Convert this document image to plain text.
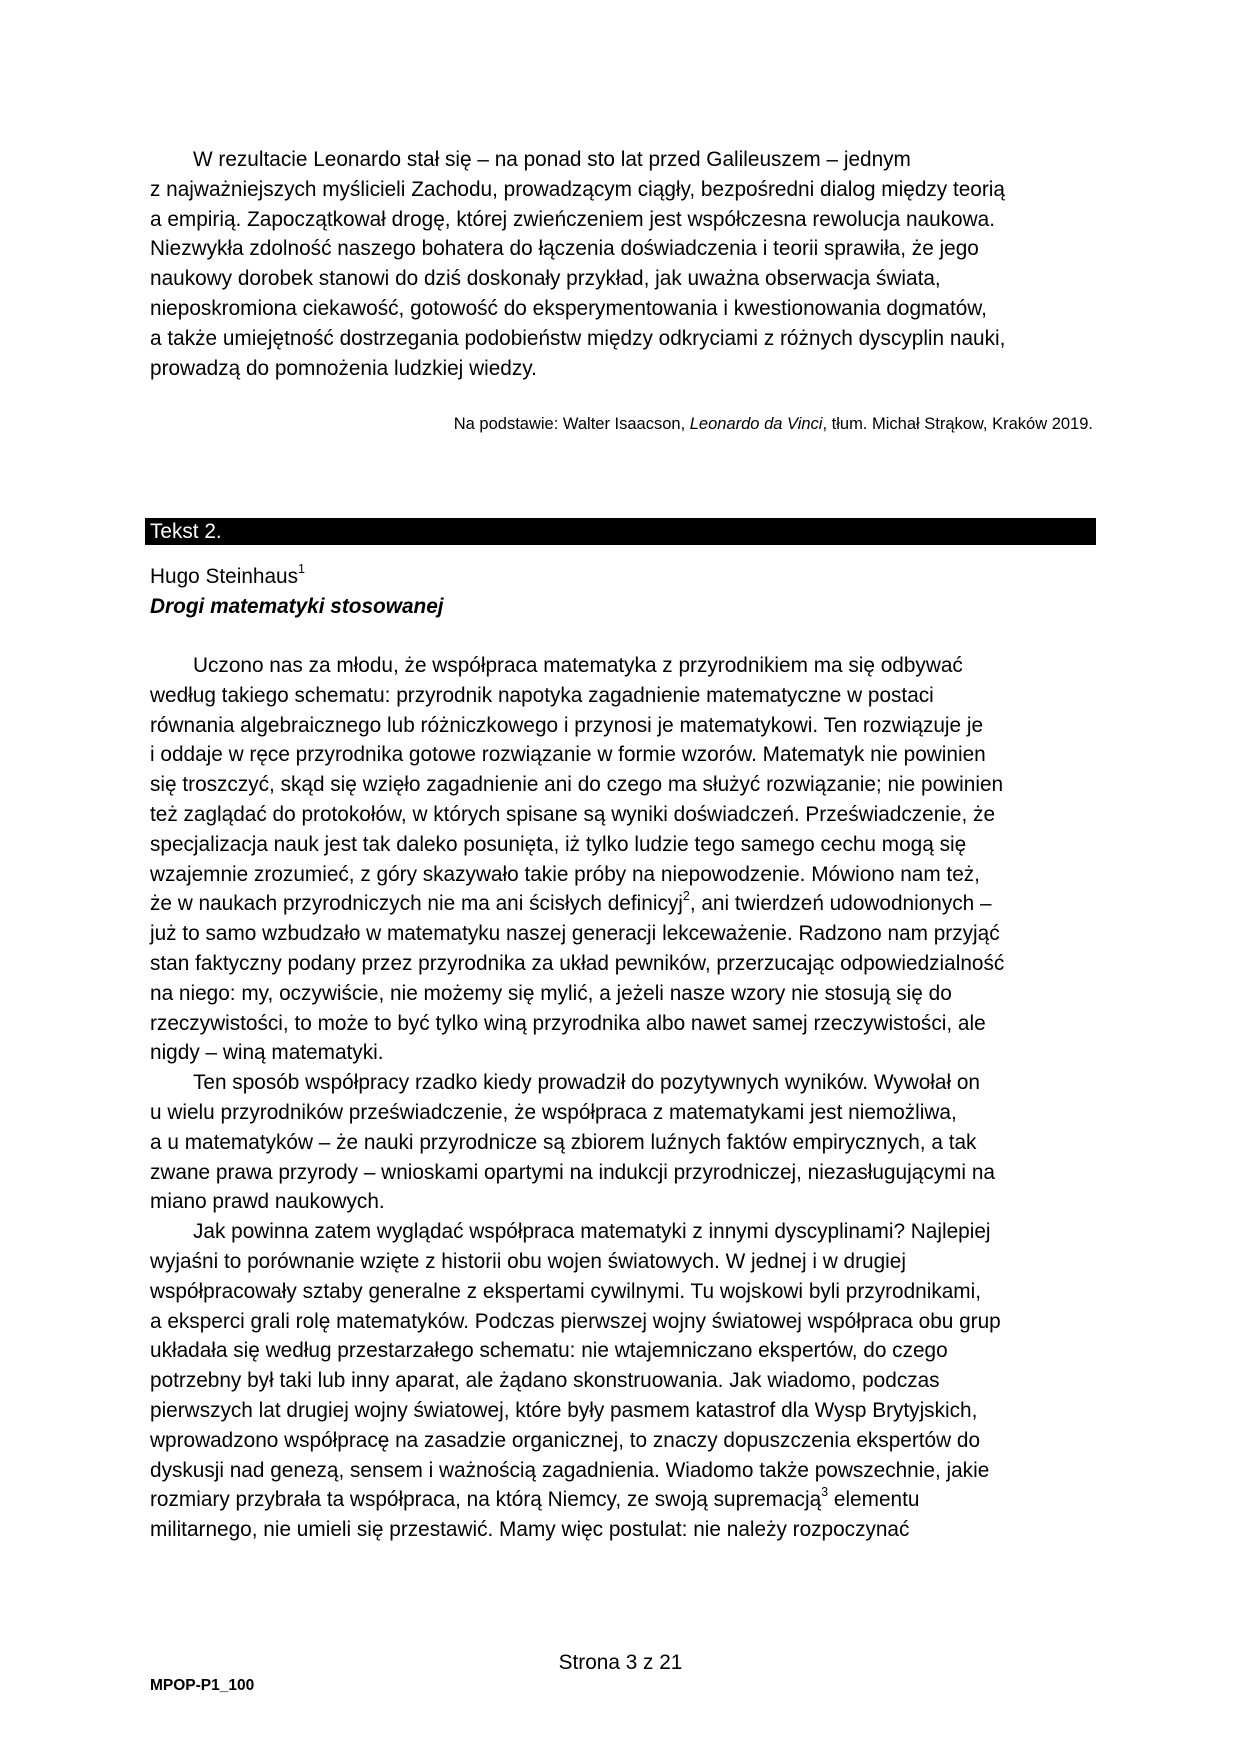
W rezultacie Leonardo stał się – na ponad sto lat przed Galileuszem – jednym
z najważniejszych myślicieli Zachodu, prowadzącym ciągły, bezpośredni dialog między teorią
a empirią. Zapoczątkował drogę, której zwieńczeniem jest współczesna rewolucja naukowa.
Niezwykła zdolność naszego bohatera do łączenia doświadczenia i teorii sprawiła, że jego
naukowy dorobek stanowi do dziś doskonały przykład, jak uważna obserwacja świata,
nieposkromiona ciekawość, gotowość do eksperymentowania i kwestionowania dogmatów,
a także umiejętność dostrzegania podobieństw między odkryciami z różnych dyscyplin nauki,
prowadzą do pomnożenia ludzkiej wiedzy.
Na podstawie: Walter Isaacson, Leonardo da Vinci, tłum. Michał Strąkow, Kraków 2019.
Tekst 2.
Hugo Steinhaus$^1$
Drogi matematyki stosowanej
Uczono nas za młodu, że współpraca matematyka z przyrodnikiem ma się odbywać
według takiego schematu: przyrodnik napotyka zagadnienie matematyczne w postaci
równania algebraicznego lub różniczkowego i przynosi je matematykowi. Ten rozwiązuje je
i oddaje w ręce przyrodnika gotowe rozwiązanie w formie wzorów. Matematyk nie powinien
się troszczyć, skąd się wzięło zagadnienie ani do czego ma służyć rozwiązanie; nie powinien
też zaglądać do protokołów, w których spisane są wyniki doświadczeń. Przeświadczenie, że
specjalizacja nauk jest tak daleko posunięta, iż tylko ludzie tego samego cechu mogą się
wzajemnie zrozumieć, z góry skazywało takie próby na niepowodzenie. Mówiono nam też,
że w naukach przyrodniczych nie ma ani ścisłych definicyj$^2$, ani twierdzeń udowodnionych –
już to samo wzbudzało w matematyku naszej generacji lekceważenie. Radzono nam przyjąć
stan faktyczny podany przez przyrodnika za układ pewników, przerzucając odpowiedzialność
na niego: my, oczywiście, nie możemy się mylić, a jeżeli nasze wzory nie stosują się do
rzeczywistości, to może to być tylko winą przyrodnika albo nawet samej rzeczywistości, ale
nigdy – winą matematyki.
Ten sposób współpracy rzadko kiedy prowadził do pozytywnych wyników. Wywołał on
u wielu przyrodników przeświadczenie, że współpraca z matematykami jest niemożliwa,
a u matematyków – że nauki przyrodnicze są zbiorem luźnych faktów empirycznych, a tak
zwane prawa przyrody – wnioskami opartymi na indukcji przyrodniczej, niezasługującymi na
miano prawd naukowych.
Jak powinna zatem wyglądać współpraca matematyki z innymi dyscyplinami? Najlepiej
wyjaśni to porównanie wzięte z historii obu wojen światowych. W jednej i w drugiej
współpracowały sztaby generalne z ekspertami cywilnymi. Tu wojskowi byli przyrodnikami,
a eksperci grali rolę matematyków. Podczas pierwszej wojny światowej współpraca obu grup
układała się według przestarzałego schematu: nie wtajemniczano ekspertów, do czego
potrzebny był taki lub inny aparat, ale żądano skonstruowania. Jak wiadomo, podczas
pierwszych lat drugiej wojny światowej, które były pasmem katastrof dla Wysp Brytyjskich,
wprowadzono współpracę na zasadzie organicznej, to znaczy dopuszczenia ekspertów do
dyskusji nad genezą, sensem i ważnością zagadnienia. Wiadomo także powszechnie, jakie
rozmiary przybrała ta współpraca, na którą Niemcy, ze swoją supremacją$^3$ elementu
militarnego, nie umieli się przestawić. Mamy więc postulat: nie należy rozpoczynać
Strona 3 z 21
MPOP-P1_100
